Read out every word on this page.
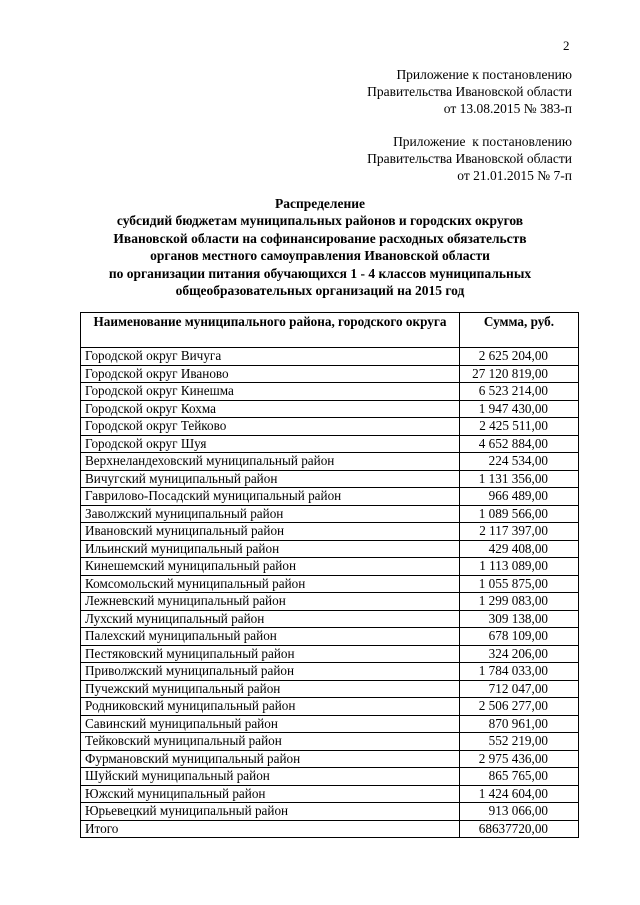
2
Приложение к постановлению
Правительства Ивановской области
от 13.08.2015 № 383-п
Приложение  к постановлению
Правительства Ивановской области
от 21.01.2015 № 7-п
Распределение
субсидий бюджетам муниципальных районов и городских округов
Ивановской области на софинансирование расходных обязательств
органов местного самоуправления Ивановской области
по организации питания обучающихся 1 - 4 классов муниципальных
общеобразовательных организаций на 2015 год
Наименование муниципального района, городского округа	Сумма, руб.
Городской округ Вичуга	2 625 204,00
Городской округ Иваново	27 120 819,00
Городской округ Кинешма	6 523 214,00
Городской округ Кохма	1 947 430,00
Городской округ Тейково	2 425 511,00
Городской округ Шуя	4 652 884,00
Верхнеландеховский муниципальный район	224 534,00
Вичугский муниципальный район	1 131 356,00
Гаврилово-Посадский муниципальный район	966 489,00
Заволжский муниципальный район	1 089 566,00
Ивановский муниципальный район	2 117 397,00
Ильинский муниципальный район	429 408,00
Кинешемский муниципальный район	1 113 089,00
Комсомольский муниципальный район	1 055 875,00
Лежневский муниципальный район	1 299 083,00
Лухский муниципальный район	309 138,00
Палехский муниципальный район	678 109,00
Пестяковский муниципальный район	324 206,00
Приволжский муниципальный район	1 784 033,00
Пучежский муниципальный район	712 047,00
Родниковский муниципальный район	2 506 277,00
Савинский муниципальный район	870 961,00
Тейковский муниципальный район	552 219,00
Фурмановский муниципальный район	2 975 436,00
Шуйский муниципальный район	865 765,00
Южский муниципальный район	1 424 604,00
Юрьевецкий муниципальный район	913 066,00
Итого	68637720,00
